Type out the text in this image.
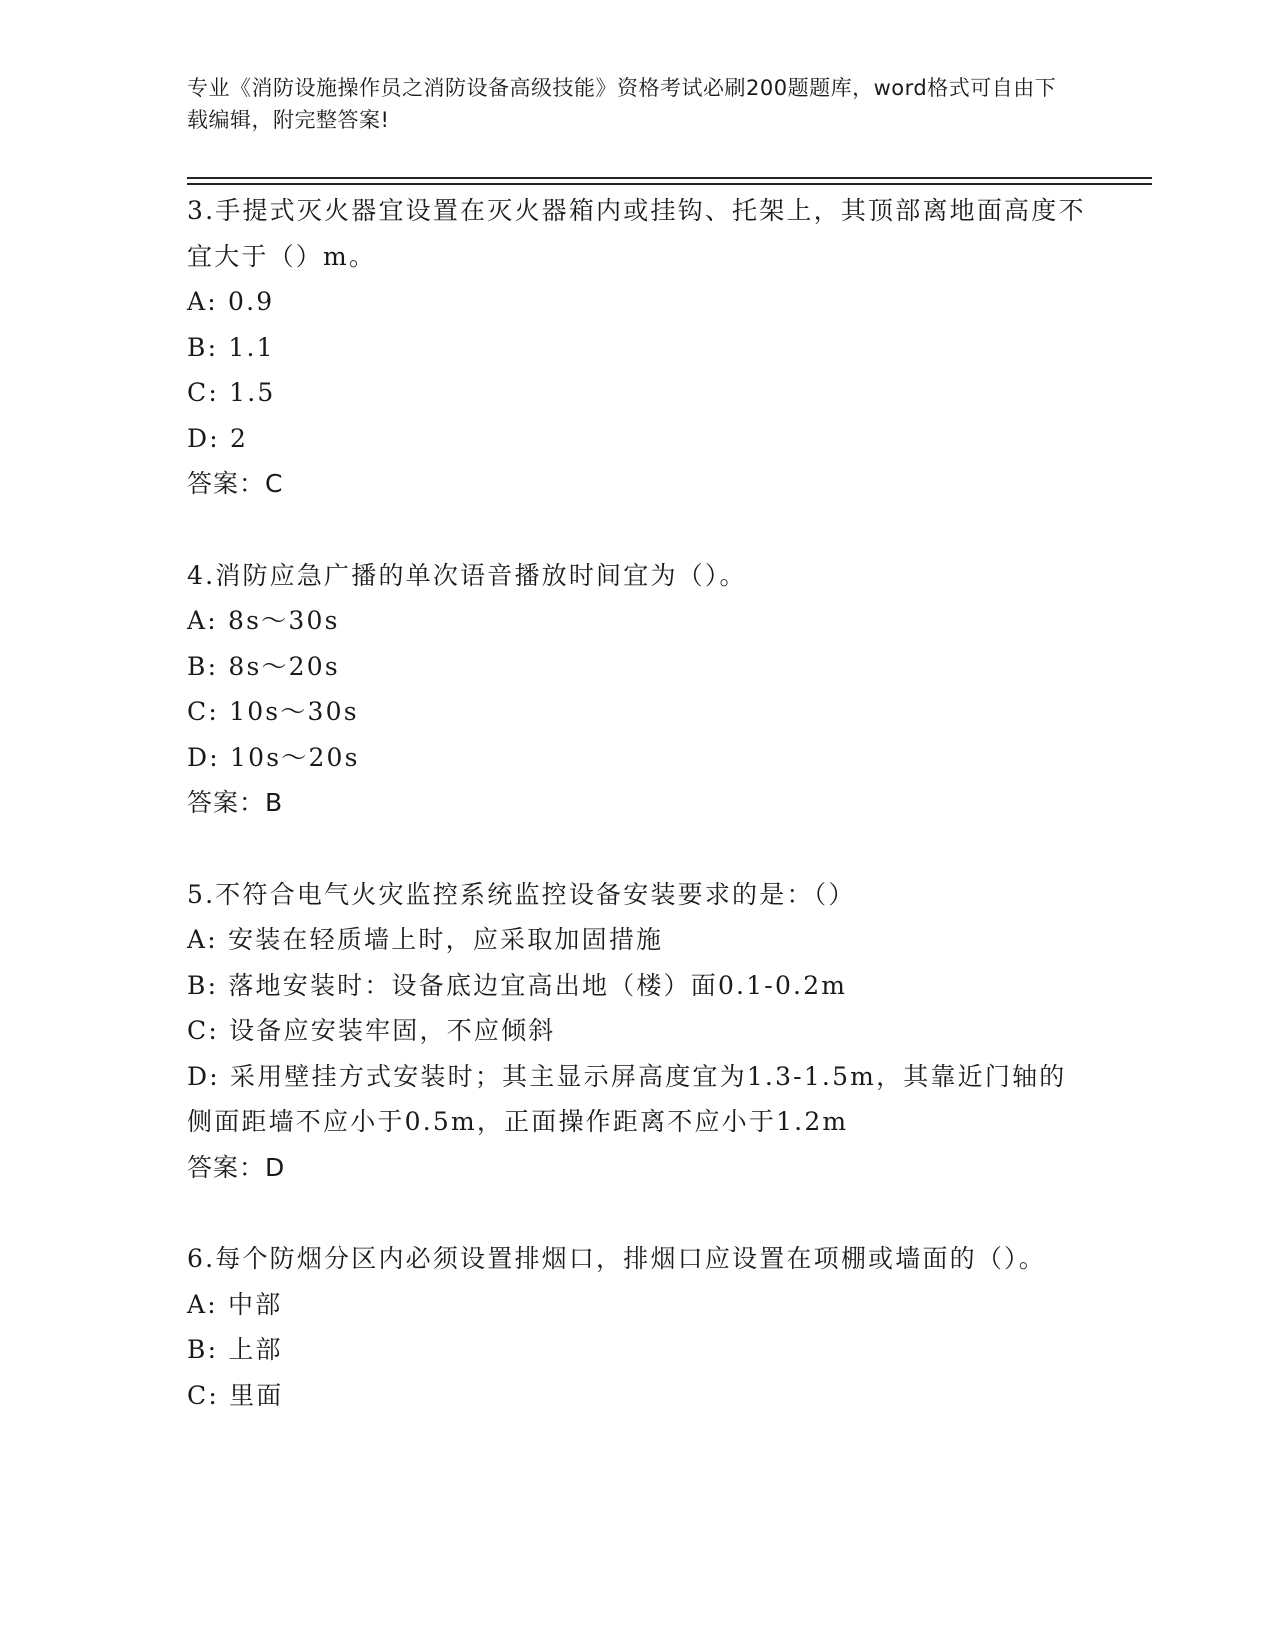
专业《消防设施操作员之消防设备高级技能》资格考试必刷200题题库，word格式可自由下载编辑，附完整答案!
3.手提式灭火器宜设置在灭火器箱内或挂钩、托架上，其顶部离地面高度不宜大于（）m。
A: 0.9
B: 1.1
C: 1.5
D: 2
答案：C
4.消防应急广播的单次语音播放时间宜为（）。
A: 8s～30s
B: 8s～20s
C: 10s～30s
D: 10s～20s
答案：B
5.不符合电气火灾监控系统监控设备安装要求的是：（）
A: 安装在轻质墙上时，应采取加固措施
B: 落地安装时：设备底边宜高出地（楼）面0.1-0.2m
C: 设备应安装牢固，不应倾斜
D: 采用壁挂方式安装时；其主显示屏高度宜为1.3-1.5m，其靠近门轴的侧面距墙不应小于0.5m，正面操作距离不应小于1.2m
答案：D
6.每个防烟分区内必须设置排烟口，排烟口应设置在项棚或墙面的（）。
A: 中部
B: 上部
C: 里面
